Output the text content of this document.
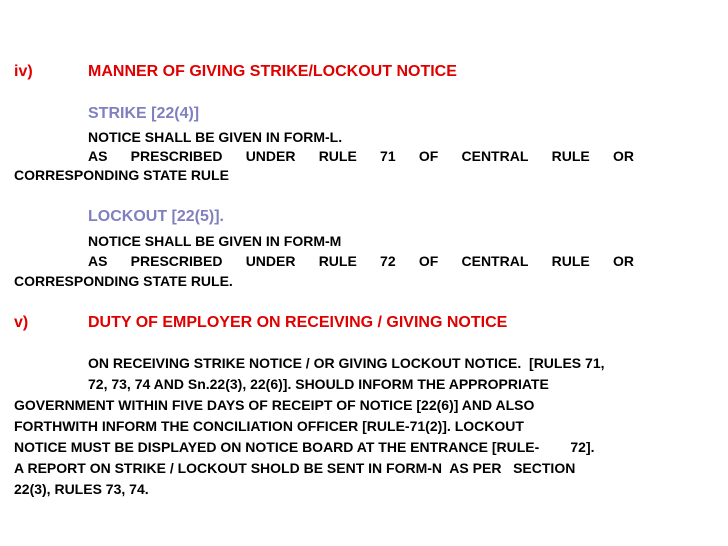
iv)	MANNER OF GIVING STRIKE/LOCKOUT NOTICE
STRIKE [22(4)]
NOTICE SHALL BE GIVEN IN FORM-L.
AS PRESCRIBED UNDER RULE 71 OF CENTRAL RULE OR
CORRESPONDING STATE RULE
LOCKOUT [22(5)].
NOTICE SHALL BE GIVEN IN FORM-M
AS PRESCRIBED UNDER RULE 72 OF CENTRAL RULE OR
CORRESPONDING STATE RULE.
v)	DUTY OF EMPLOYER ON RECEIVING / GIVING NOTICE
ON RECEIVING STRIKE NOTICE / OR GIVING LOCKOUT NOTICE.  [RULES 71,
72, 73, 74 AND Sn.22(3), 22(6)]. SHOULD INFORM THE APPROPRIATE
GOVERNMENT WITHIN FIVE DAYS OF RECEIPT OF NOTICE [22(6)] AND ALSO
FORTHWITH INFORM THE CONCILIATION OFFICER [RULE-71(2)]. LOCKOUT
NOTICE MUST BE DISPLAYED ON NOTICE BOARD AT THE ENTRANCE [RULE-        72].
A REPORT ON STRIKE / LOCKOUT SHOLD BE SENT IN FORM-N  AS PER   SECTION
22(3), RULES 73, 74.
